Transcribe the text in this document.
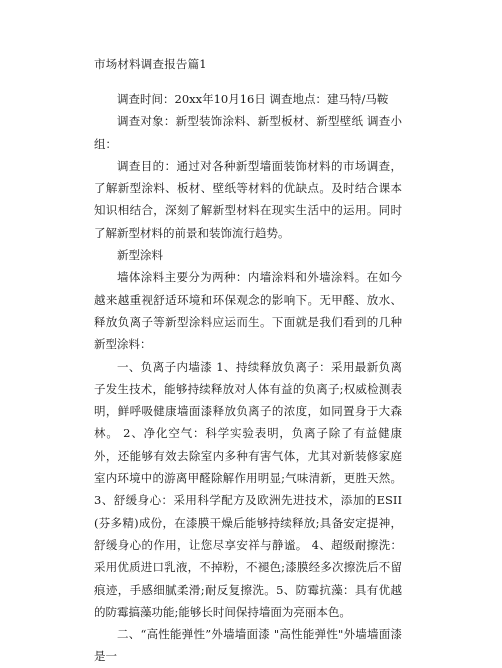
市场材料调查报告篇1

调查时间：20xx年10月16日 调查地点：建马特/马鞍

调查对象：新型装饰涂料、新型板材、新型壁纸 调查小组：

调查目的：通过对各种新型墙面装饰材料的市场调查，了解新型涂料、板材、壁纸等材料的优缺点。及时结合课本知识相结合，深刻了解新型材料在现实生活中的运用。同时了解新型材料的前景和装饰流行趋势。

新型涂料

墙体涂料主要分为两种：内墙涂料和外墙涂料。在如今越来越重视舒适环境和环保观念的影响下。无甲醛、放水、释放负离子等新型涂料应运而生。下面就是我们看到的几种新型涂料：

一、负离子内墙漆 1、持续释放负离子：采用最新负离子发生技术，能够持续释放对人体有益的负离子;权威检测表明，鲜呼吸健康墙面漆释放负离子的浓度，如同置身于大森林。 2、净化空气：科学实验表明，负离子除了有益健康外，还能够有效去除室内多种有害气体，尤其对新装修家庭室内环境中的游离甲醛除解作用明显;气味清新，更胜天然。 3、舒缓身心：采用科学配方及欧洲先进技术，添加的ESII(芬多精)成份，在漆膜干燥后能够持续释放;具备安定提神，舒缓身心的作用，让您尽享安祥与静谧。 4、超级耐擦洗：采用优质进口乳液，不掉粉，不褪色;漆膜经多次擦洗后不留痕迹，手感细腻柔滑;耐反复擦洗。5、防霉抗藻：具有优越的防霉搞藻功能;能够长时间保持墙面为亮丽本色。

二、“高性能弹性”外墙墙面漆 "高性能弹性"外墙墙面漆是一
